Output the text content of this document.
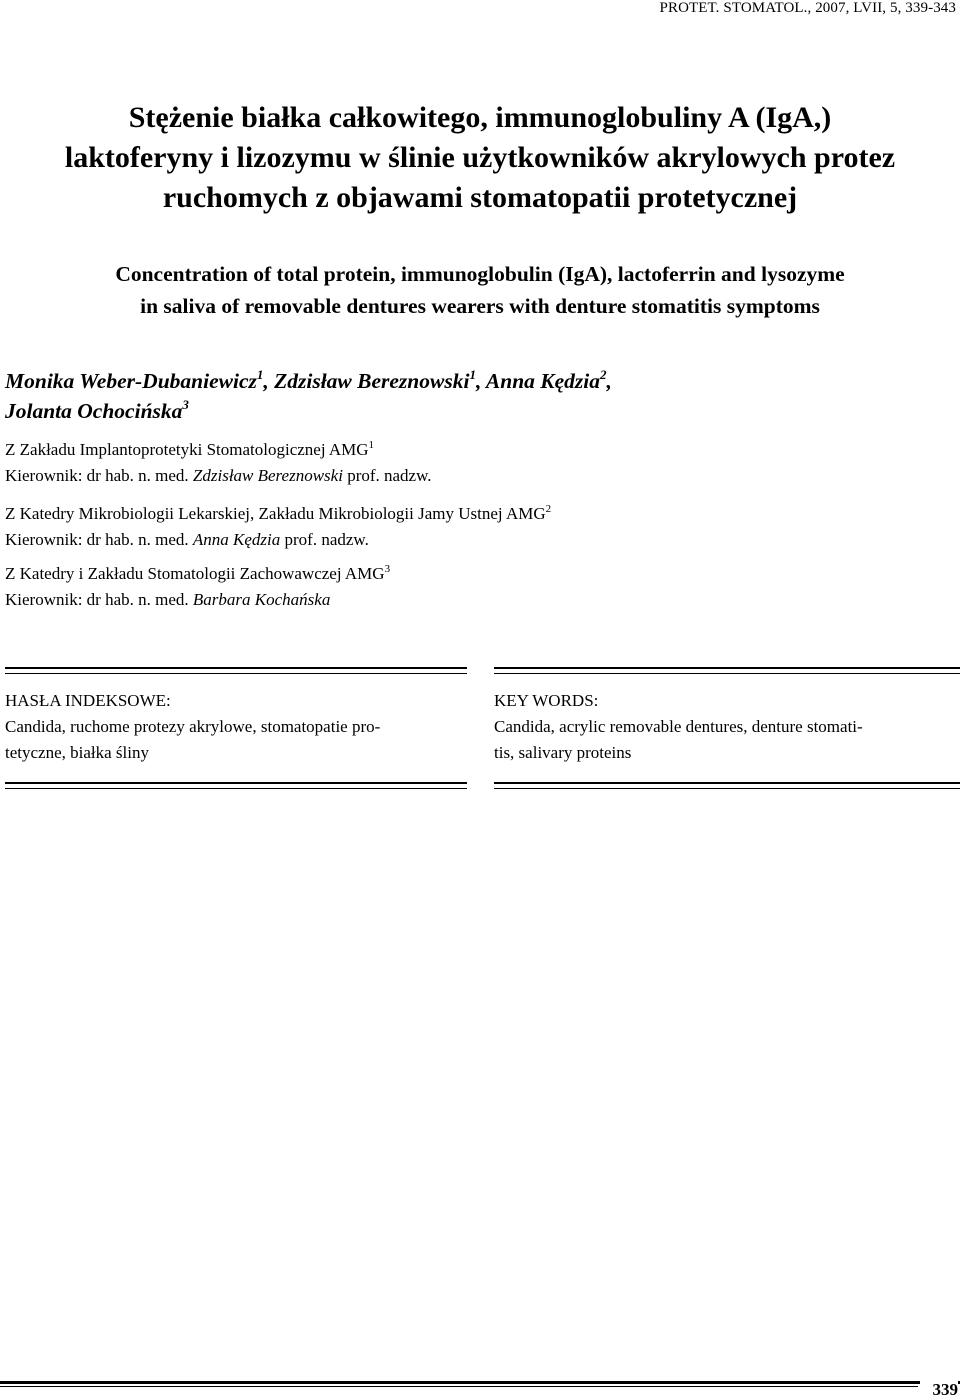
PROTET. STOMATOL., 2007, LVII, 5, 339-343
Stężenie białka całkowitego, immunoglobuliny A (IgA,)
laktoferyny i lizozymu w ślinie użytkowników akrylowych protez
ruchomych z objawami stomatopatii protetycznej
Concentration of total protein, immunoglobulin (IgA), lactoferrin and lysozyme
in saliva of removable dentures wearers with denture stomatitis symptoms
Monika Weber-Dubaniewicz$^1$, Zdzisław Bereznowski$^1$, Anna Kędzia$^2$,
Jolanta Ochocińska$^3$
Z Zakładu Implantoprotetyki Stomatologicznej AMG$^1$
Kierownik: dr hab. n. med. Zdzisław Bereznowski prof. nadzw.
Z Katedry Mikrobiologii Lekarskiej, Zakładu Mikrobiologii Jamy Ustnej AMG$^2$
Kierownik: dr hab. n. med. Anna Kędzia prof. nadzw.
Z Katedry i Zakładu Stomatologii Zachowawczej AMG$^3$
Kierownik: dr hab. n. med. Barbara Kochańska
HASŁA INDEKSOWE:
Candida, ruchome protezy akrylowe, stomatopatie pro-
tetyczne, białka śliny
KEY WORDS:
Candida, acrylic removable dentures, denture stomati-
tis, salivary proteins
339
